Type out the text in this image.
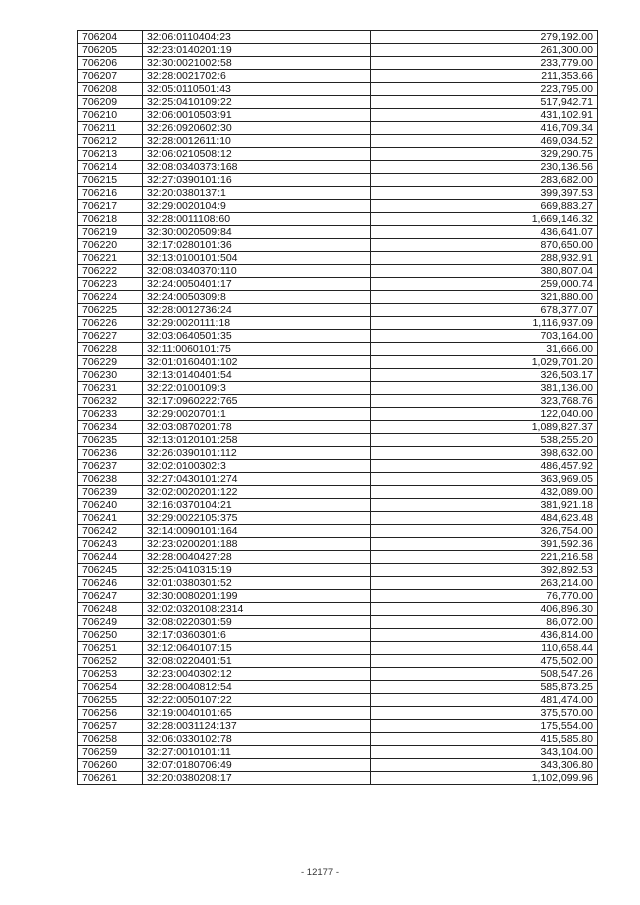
706204	32:06:0110404:23	279,192.00
706205	32:23:0140201:19	261,300.00
706206	32:30:0021002:58	233,779.00
706207	32:28:0021702:6	211,353.66
706208	32:05:0110501:43	223,795.00
706209	32:25:0410109:22	517,942.71
706210	32:06:0010503:91	431,102.91
706211	32:26:0920602:30	416,709.34
706212	32:28:0012611:10	469,034.52
706213	32:06:0210508:12	329,290.75
706214	32:08:0340373:168	230,136.56
706215	32:27:0390101:16	283,682.00
706216	32:20:0380137:1	399,397.53
706217	32:29:0020104:9	669,883.27
706218	32:28:0011108:60	1,669,146.32
706219	32:30:0020509:84	436,641.07
706220	32:17:0280101:36	870,650.00
706221	32:13:0100101:504	288,932.91
706222	32:08:0340370:110	380,807.04
706223	32:24:0050401:17	259,000.74
706224	32:24:0050309:8	321,880.00
706225	32:28:0012736:24	678,377.07
706226	32:29:0020111:18	1,116,937.09
706227	32:03:0640501:35	703,164.00
706228	32:11:0060101:75	31,666.00
706229	32:01:0160401:102	1,029,701.20
706230	32:13:0140401:54	326,503.17
706231	32:22:0100109:3	381,136.00
706232	32:17:0960222:765	323,768.76
706233	32:29:0020701:1	122,040.00
706234	32:03:0870201:78	1,089,827.37
706235	32:13:0120101:258	538,255.20
706236	32:26:0390101:112	398,632.00
706237	32:02:0100302:3	486,457.92
706238	32:27:0430101:274	363,969.05
706239	32:02:0020201:122	432,089.00
706240	32:16:0370104:21	381,921.18
706241	32:29:0022105:375	484,623.48
706242	32:14:0090101:164	326,754.00
706243	32:23:0200201:188	391,592.36
706244	32:28:0040427:28	221,216.58
706245	32:25:0410315:19	392,892.53
706246	32:01:0380301:52	263,214.00
706247	32:30:0080201:199	76,770.00
706248	32:02:0320108:2314	406,896.30
706249	32:08:0220301:59	86,072.00
706250	32:17:0360301:6	436,814.00
706251	32:12:0640107:15	110,658.44
706252	32:08:0220401:51	475,502.00
706253	32:23:0040302:12	508,547.26
706254	32:28:0040812:54	585,873.25
706255	32:22:0050107:22	481,474.00
706256	32:19:0040101:65	375,570.00
706257	32:28:0031124:137	175,554.00
706258	32:06:0330102:78	415,585.80
706259	32:27:0010101:11	343,104.00
706260	32:07:0180706:49	343,306.80
706261	32:20:0380208:17	1,102,099.96
- 12177 -
